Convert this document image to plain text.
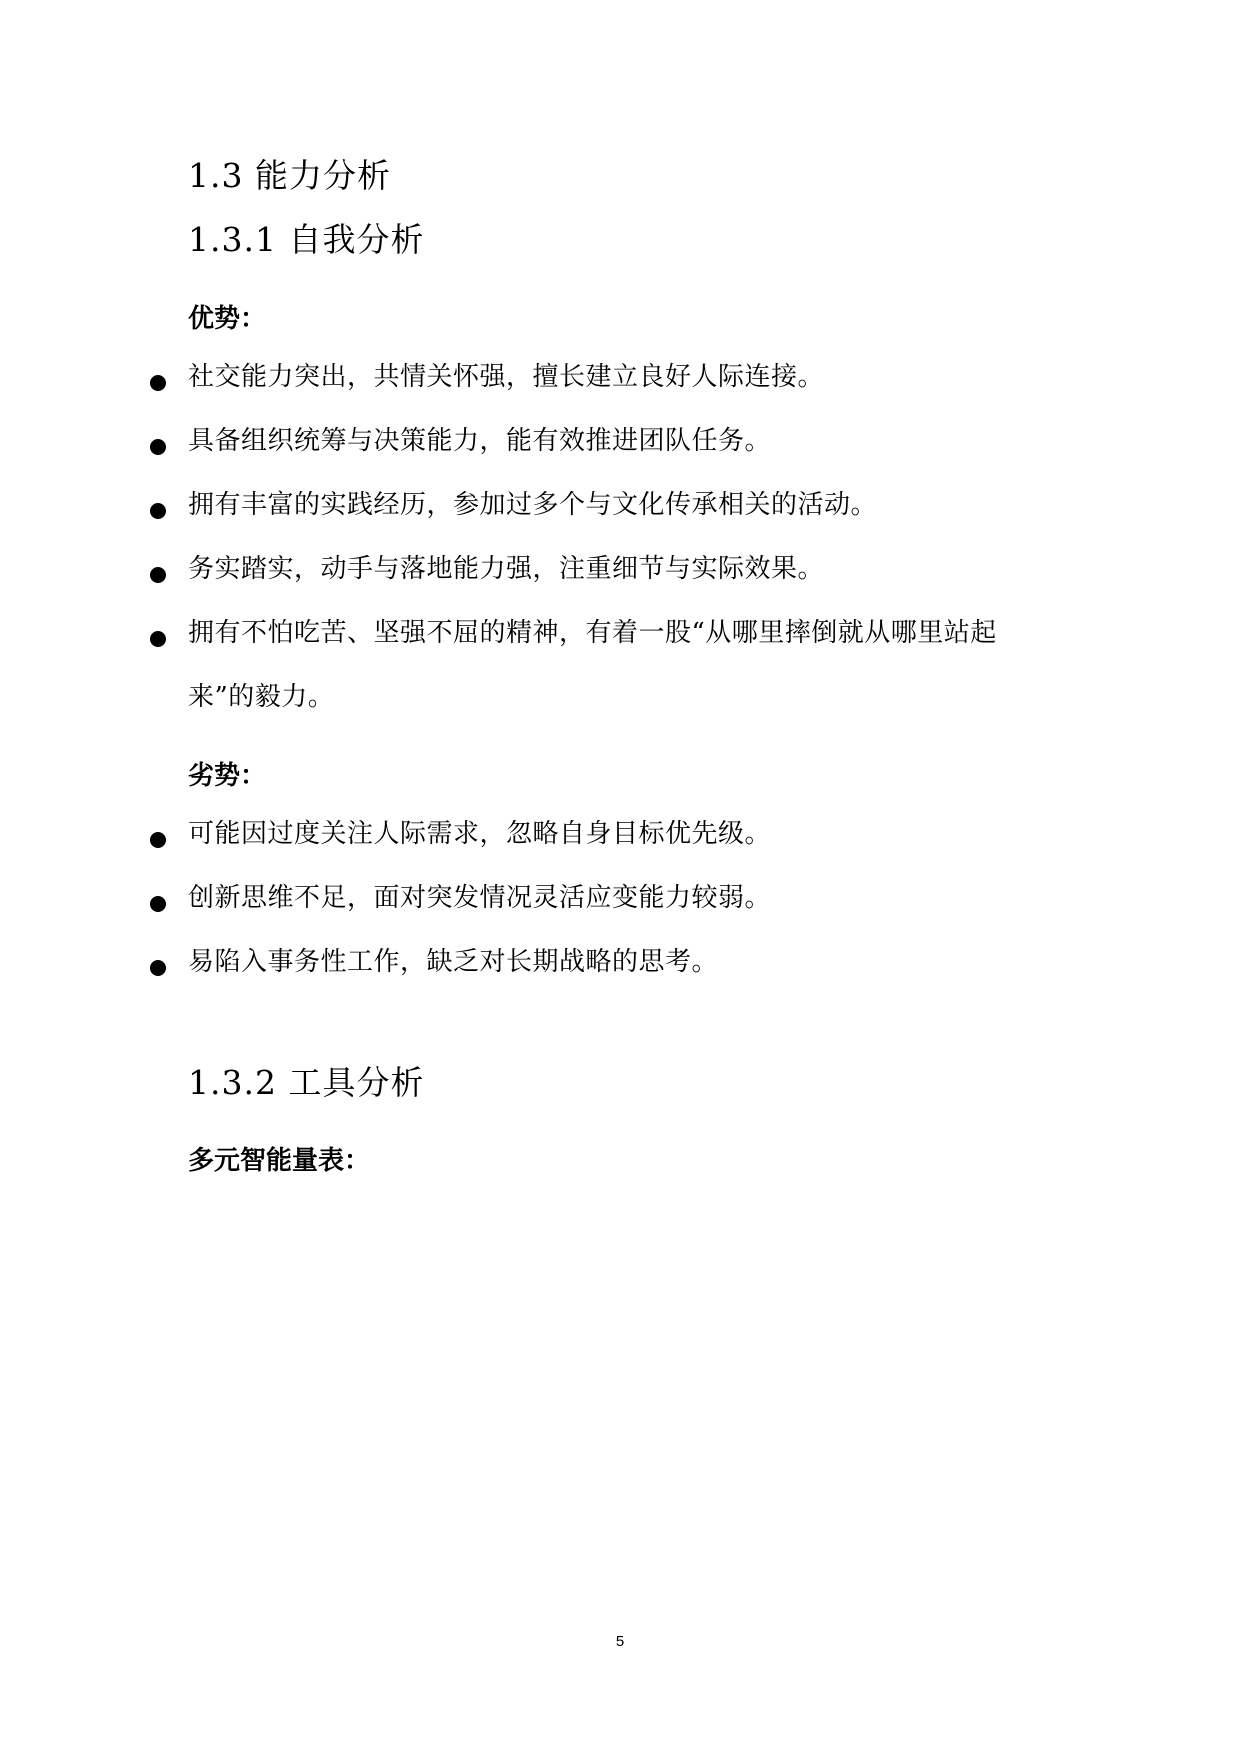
1.3 能力分析
1.3.1 自我分析
优势：
社交能力突出，共情关怀强，擅长建立良好人际连接。
具备组织统筹与决策能力，能有效推进团队任务。
拥有丰富的实践经历，参加过多个与文化传承相关的活动。
务实踏实，动手与落地能力强，注重细节与实际效果。
拥有不怕吃苦、坚强不屈的精神，有着一股“从哪里摔倒就从哪里站起来”的毅力。
劣势：
可能因过度关注人际需求，忽略自身目标优先级。
创新思维不足，面对突发情况灵活应变能力较弱。
易陷入事务性工作，缺乏对长期战略的思考。
1.3.2 工具分析
多元智能量表：
5
